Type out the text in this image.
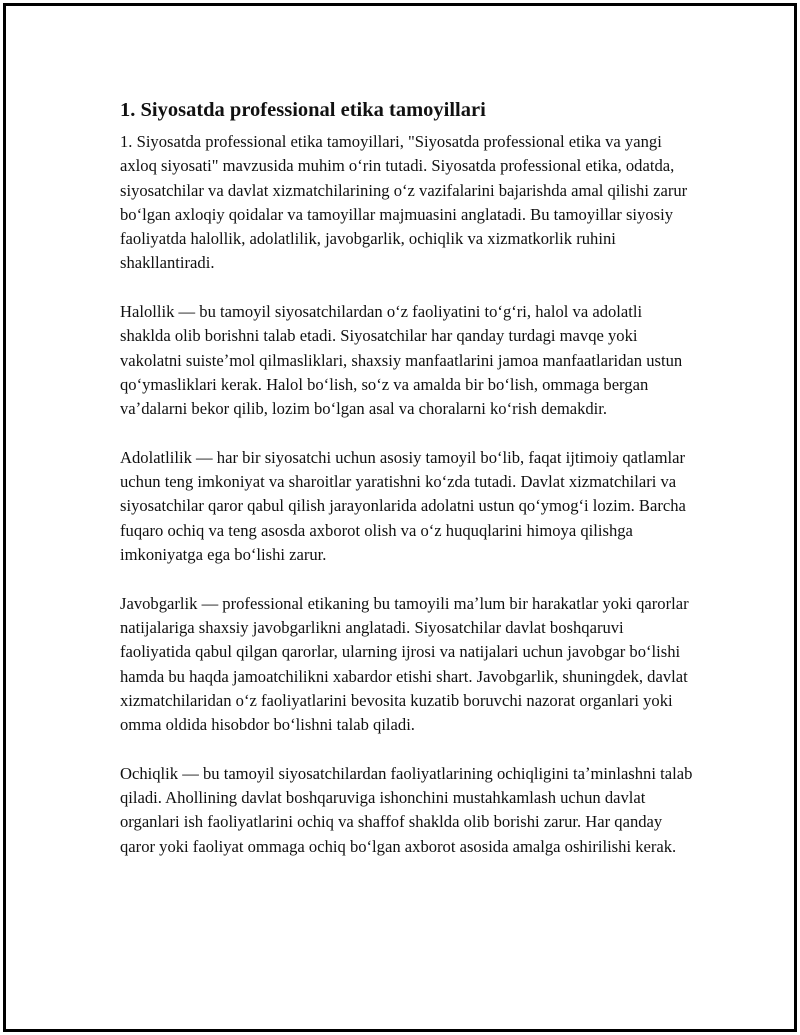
1. Siyosatda professional etika tamoyillari

1. Siyosatda professional etika tamoyillari, "Siyosatda professional etika va yangi axloq siyosati" mavzusida muhim oʻrin tutadi. Siyosatda professional etika, odatda, siyosatchilar va davlat xizmatchilarining oʻz vazifalarini bajarishda amal qilishi zarur boʻlgan axloqiy qoidalar va tamoyillar majmuasini anglatadi. Bu tamoyillar siyosiy faoliyatda halollik, adolatlilik, javobgarlik, ochiqlik va xizmatkorlik ruhini shakllantiradi.

Halollik — bu tamoyil siyosatchilardan oʻz faoliyatini toʻgʻri, halol va adolatli shaklda olib borishni talab etadi. Siyosatchilar har qanday turdagi mavqe yoki vakolatni suisteʼmol qilmasliklari, shaxsiy manfaatlarini jamoa manfaatlaridan ustun qoʻymasliklari kerak. Halol boʻlish, soʻz va amalda bir boʻlish, ommaga bergan vaʼdalarni bekor qilib, lozim boʻlgan asal va choralarni koʻrish demakdir.

Adolatlilik — har bir siyosatchi uchun asosiy tamoyil boʻlib, faqat ijtimoiy qatlamlar uchun teng imkoniyat va sharoitlar yaratishni koʻzda tutadi. Davlat xizmatchilari va siyosatchilar qaror qabul qilish jarayonlarida adolatni ustun qoʻymogʻi lozim. Barcha fuqaro ochiq va teng asosda axborot olish va oʻz huquqlarini himoya qilishga imkoniyatga ega boʻlishi zarur.

Javobgarlik — professional etikaning bu tamoyili maʼlum bir harakatlar yoki qarorlar natijalariga shaxsiy javobgarlikni anglatadi. Siyosatchilar davlat boshqaruvi faoliyatida qabul qilgan qarorlar, ularning ijrosi va natijalari uchun javobgar boʻlishi hamda bu haqda jamoatchilikni xabardor etishi shart. Javobgarlik, shuningdek, davlat xizmatchilaridan oʻz faoliyatlarini bevosita kuzatib boruvchi nazorat organlari yoki omma oldida hisobdor boʻlishni talab qiladi.

Ochiqlik — bu tamoyil siyosatchilardan faoliyatlarining ochiqligini taʼminlashni talab qiladi. Ahollining davlat boshqaruviga ishonchini mustahkamlash uchun davlat organlari ish faoliyatlarini ochiq va shaffof shaklda olib borishi zarur. Har qanday qaror yoki faoliyat ommaga ochiq boʻlgan axborot asosida amalga oshirilishi kerak.
